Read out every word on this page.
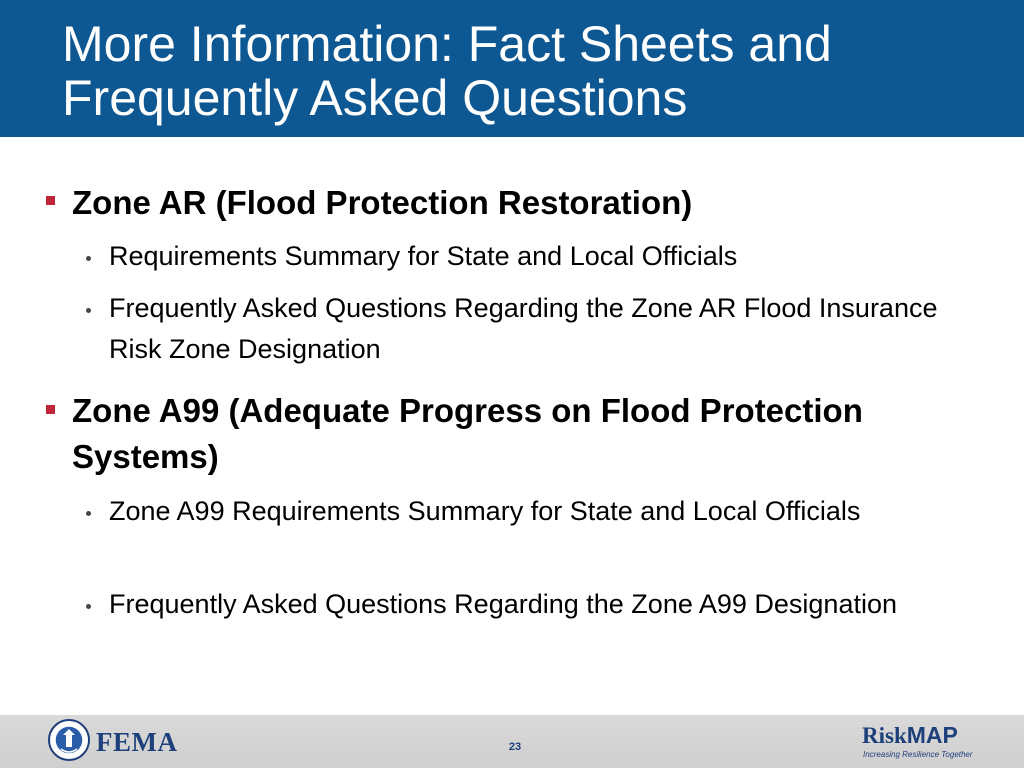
More Information: Fact Sheets and Frequently Asked Questions
Zone AR (Flood Protection Restoration)
Requirements Summary for State and Local Officials
Frequently Asked Questions Regarding the Zone AR Flood Insurance Risk Zone Designation
Zone A99 (Adequate Progress on Flood Protection Systems)
Zone A99 Requirements Summary for State and Local Officials
Frequently Asked Questions Regarding the Zone A99 Designation
FEMA	23	RiskMAP
Increasing Resilience Together
